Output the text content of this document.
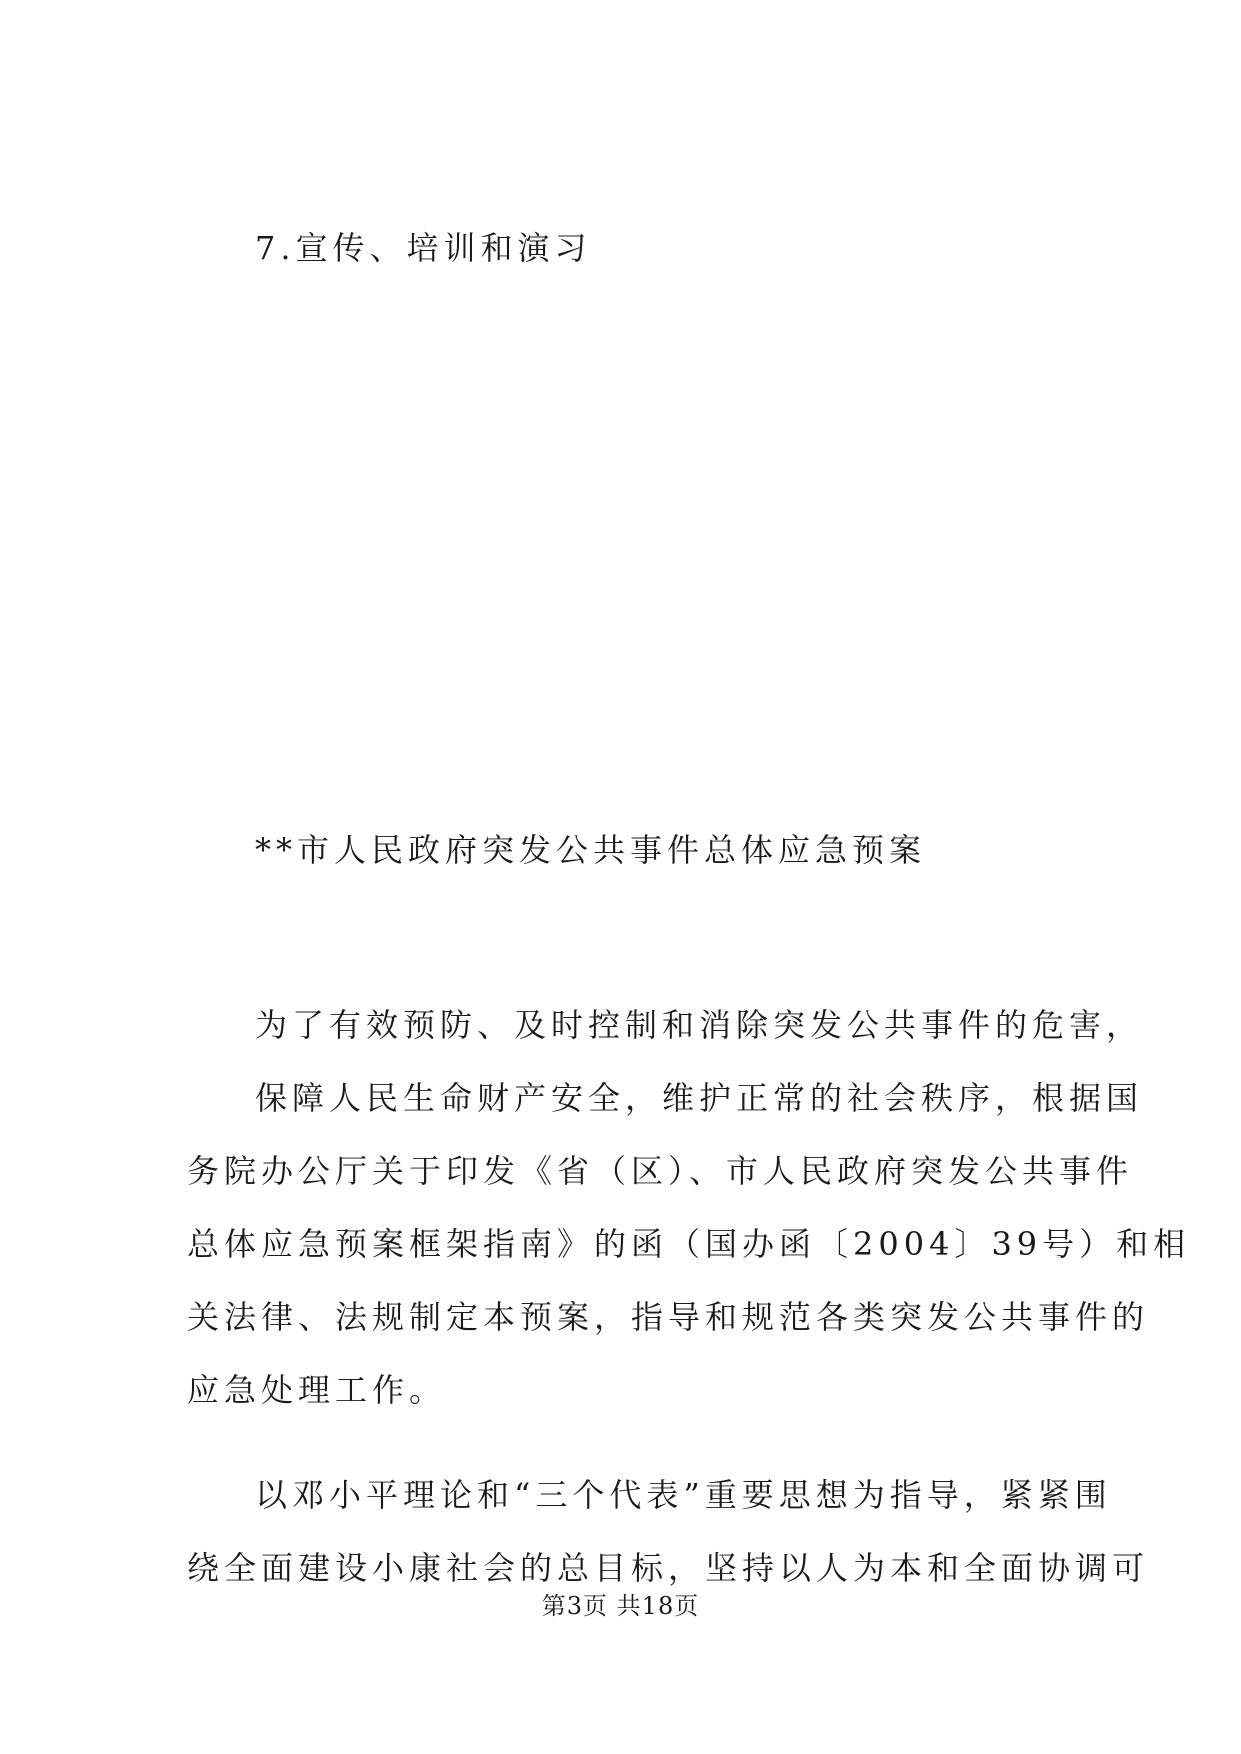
7.宣传、培训和演习
**市人民政府突发公共事件总体应急预案
为了有效预防、及时控制和消除突发公共事件的危害，
保障人民生命财产安全，维护正常的社会秩序，根据国
务院办公厅关于印发《省（区）、市人民政府突发公共事件
总体应急预案框架指南》的函（国办函〔2004〕39号）和相
关法律、法规制定本预案，指导和规范各类突发公共事件的
应急处理工作。
以邓小平理论和“三个代表”重要思想为指导，紧紧围
绕全面建设小康社会的总目标，坚持以人为本和全面协调可
第3页 共18页
